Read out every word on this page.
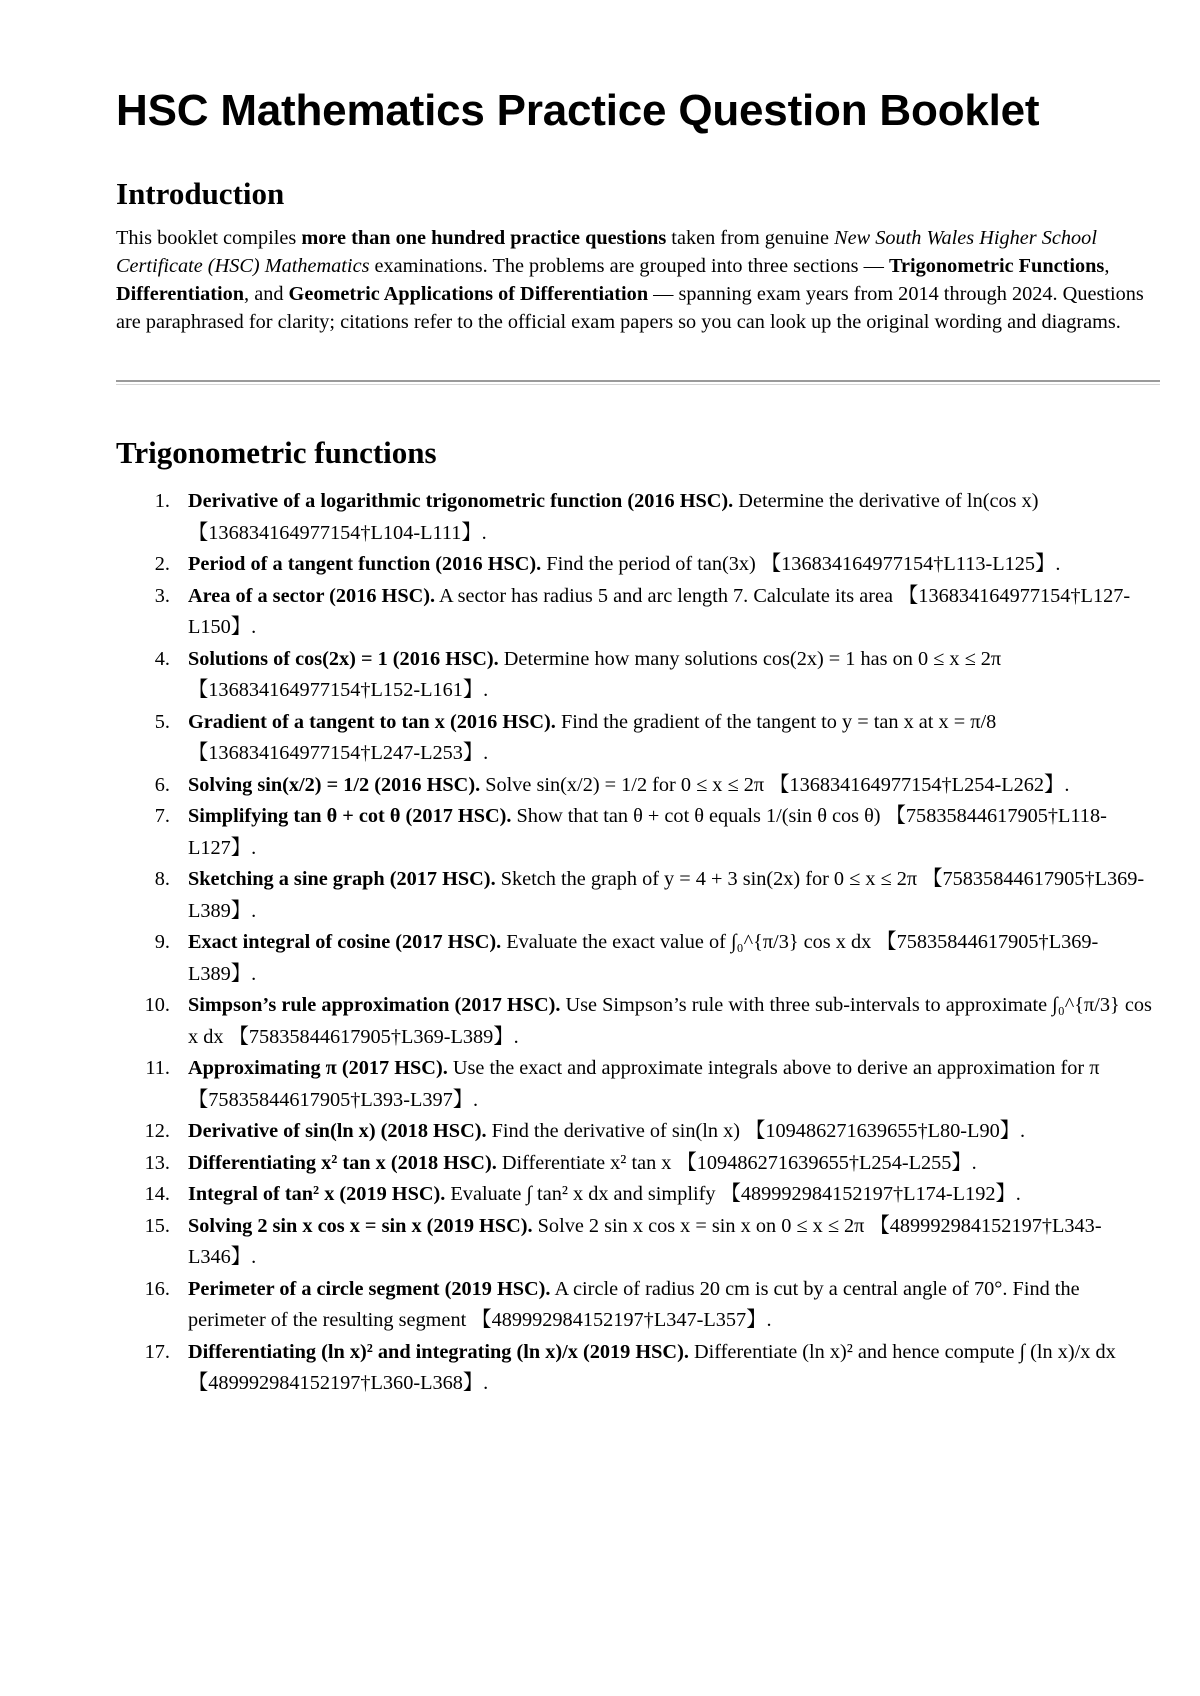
HSC Mathematics Practice Question Booklet
Introduction

This booklet compiles more than one hundred practice questions taken from genuine New South Wales Higher School Certificate (HSC) Mathematics examinations. The problems are grouped into three sections — Trigonometric Functions, Differentiation, and Geometric Applications of Differentiation — spanning exam years from 2014 through 2024. Questions are paraphrased for clarity; citations refer to the official exam papers so you can look up the original wording and diagrams.

Trigonometric functions
1. Derivative of a logarithmic trigonometric function (2016 HSC). Determine the derivative of ln(cos x) 【136834164977154†L104-L111】.
2. Period of a tangent function (2016 HSC). Find the period of tan(3x) 【136834164977154†L113-L125】.
3. Area of a sector (2016 HSC). A sector has radius 5 and arc length 7. Calculate its area 【136834164977154†L127-L150】.
4. Solutions of cos(2x) = 1 (2016 HSC). Determine how many solutions cos(2x) = 1 has on 0 ≤ x ≤ 2π 【136834164977154†L152-L161】.
5. Gradient of a tangent to tan x (2016 HSC). Find the gradient of the tangent to y = tan x at x = π/8 【136834164977154†L247-L253】.
6. Solving sin(x/2) = 1/2 (2016 HSC). Solve sin(x/2) = 1/2 for 0 ≤ x ≤ 2π 【136834164977154†L254-L262】.
7. Simplifying tan θ + cot θ (2017 HSC). Show that tan θ + cot θ equals 1/(sin θ cos θ) 【75835844617905†L118-L127】.
8. Sketching a sine graph (2017 HSC). Sketch the graph of y = 4 + 3 sin(2x) for 0 ≤ x ≤ 2π 【75835844617905†L369-L389】.
9. Exact integral of cosine (2017 HSC). Evaluate the exact value of ∫₀^{π/3} cos x dx 【75835844617905†L369-L389】.
10. Simpson’s rule approximation (2017 HSC). Use Simpson’s rule with three sub-intervals to approximate ∫₀^{π/3} cos x dx 【75835844617905†L369-L389】.
11. Approximating π (2017 HSC). Use the exact and approximate integrals above to derive an approximation for π 【75835844617905†L393-L397】.
12. Derivative of sin(ln x) (2018 HSC). Find the derivative of sin(ln x) 【109486271639655†L80-L90】.
13. Differentiating x² tan x (2018 HSC). Differentiate x² tan x 【109486271639655†L254-L255】.
14. Integral of tan² x (2019 HSC). Evaluate ∫ tan² x dx and simplify 【489992984152197†L174-L192】.
15. Solving 2 sin x cos x = sin x (2019 HSC). Solve 2 sin x cos x = sin x on 0 ≤ x ≤ 2π 【489992984152197†L343-L346】.
16. Perimeter of a circle segment (2019 HSC). A circle of radius 20 cm is cut by a central angle of 70°. Find the perimeter of the resulting segment 【489992984152197†L347-L357】.
17. Differentiating (ln x)² and integrating (ln x)/x (2019 HSC). Differentiate (ln x)² and hence compute ∫ (ln x)/x dx 【489992984152197†L360-L368】.
